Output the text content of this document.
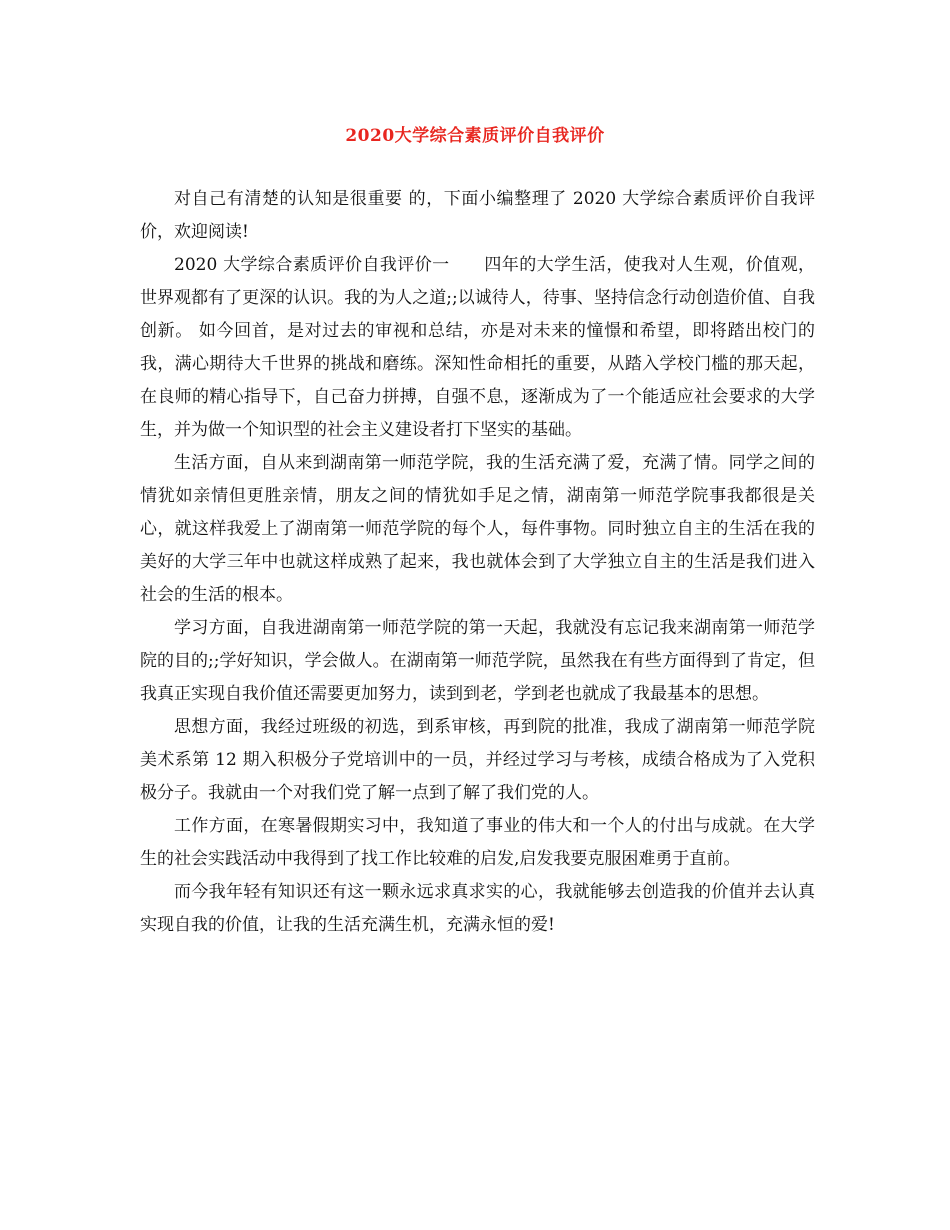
2020大学综合素质评价自我评价

对自己有清楚的认知是很重要 的，下面小编整理了 2020 大学综合素质评价自我评价，欢迎阅读!

2020 大学综合素质评价自我评价一　　四年的大学生活，使我对人生观，价值观，世界观都有了更深的认识。我的为人之道;;以诚待人，待事、坚持信念行动创造价值、自我创新。 如今回首，是对过去的审视和总结，亦是对未来的憧憬和希望，即将踏出校门的我，满心期待大千世界的挑战和磨练。深知性命相托的重要，从踏入学校门槛的那天起，在良师的精心指导下，自己奋力拼搏，自强不息，逐渐成为了一个能适应社会要求的大学生，并为做一个知识型的社会主义建设者打下坚实的基础。

生活方面，自从来到湖南第一师范学院，我的生活充满了爱，充满了情。同学之间的情犹如亲情但更胜亲情，朋友之间的情犹如手足之情，湖南第一师范学院事我都很是关心，就这样我爱上了湖南第一师范学院的每个人，每件事物。同时独立自主的生活在我的美好的大学三年中也就这样成熟了起来，我也就体会到了大学独立自主的生活是我们进入社会的生活的根本。

学习方面，自我进湖南第一师范学院的第一天起，我就没有忘记我来湖南第一师范学院的目的;;学好知识，学会做人。在湖南第一师范学院，虽然我在有些方面得到了肯定，但我真正实现自我价值还需要更加努力，读到到老，学到老也就成了我最基本的思想。

思想方面，我经过班级的初选，到系审核，再到院的批准，我成了湖南第一师范学院美术系第 12 期入积极分子党培训中的一员，并经过学习与考核，成绩合格成为了入党积极分子。我就由一个对我们党了解一点到了解了我们党的人。

工作方面，在寒暑假期实习中，我知道了事业的伟大和一个人的付出与成就。在大学生的社会实践活动中我得到了找工作比较难的启发,启发我要克服困难勇于直前。

而今我年轻有知识还有这一颗永远求真求实的心，我就能够去创造我的价值并去认真实现自我的价值，让我的生活充满生机，充满永恒的爱!
